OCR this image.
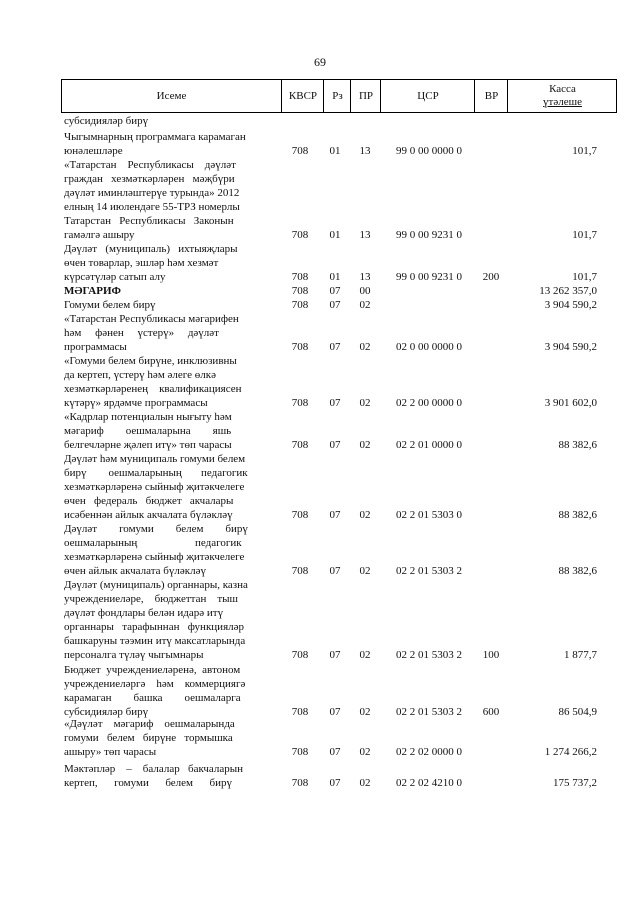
69
Исеме	КВСР	Рз	ПР	ЦСР	ВР
Касса
үтәлеше
субсидияләр бирү
Чыгымнарның программага карамаган
юнәлешләре	708	01	13	99 0 00 0000 0	101,7
«Татарстан    Республикасы    дәүләт
граждан   хезмәткәрләрен   мәҗбүри
дәүләт иминләштерүе турында» 2012
елның 14 июлендәге 55-ТРЗ номерлы
Татарстан   Республикасы   Законын
гамәлгә ашыру	708	01	13	99 0 00 9231 0	101,7
Дәүләт   (муниципаль)   ихтыяҗлары
өчен товарлар, эшләр һәм хезмәт
күрсәтүләр сатып алу	708	01	13	99 0 00 9231 0	200	101,7
МӘГАРИФ	708	07	00	13 262 357,0
Гомуми белем бирү	708	07	02	3 904 590,2
«Татарстан Республикасы мәгарифен
һәм     фәнен     үстерү»     дәүләт
программасы	708	07	02	02 0 00 0000 0	3 904 590,2
«Гомуми белем бирүне, инклюзивны
да кертеп, үстерү һәм әлеге өлкә
хезмәткәрләренең    квалификациясен
күтәрү» ярдәмче программасы	708	07	02	02 2 00 0000 0	3 901 602,0
«Кадрлар потенциалын нығыту һәм
мәгариф        оешмаларына        яшь
белгечләрне җәлеп итү» төп чарасы	708	07	02	02 2 01 0000 0	88 382,6
Дәүләт һәм муниципаль гомуми белем
бирү        оешмаларының       педагогик
хезмәткәрләренә сыйныф җитәкчелеге
өчен   федераль   бюджет   акчалары
исәбеннән айлык акчалата бүләкләү	708	07	02	02 2 01 5303 0	88 382,6
Дәүләт        гомуми        белем        бирү
оешмаларының                     педагогик
хезмәткәрләренә сыйныф җитәкчелеге
өчен айлык акчалата бүләкләү	708	07	02	02 2 01 5303 2	88 382,6
Дәүләт (муниципаль) органнары, казна
учреждениеләре,    бюджеттан    тыш
дәүләт фондлары белән идарә итү
органнары   тарафыннан   функцияләр
башкаруны тәэмин итү максатларында
персоналга түләү чыгымнары	708	07	02	02 2 01 5303 2	100	1 877,7
Бюджет  учреждениеләренә,  автоном
учреждениеләргә    һәм    коммерциягә
карамаган        башка        оешмаларга
субсидияләр бирү	708	07	02	02 2 01 5303 2	600	86 504,9
«Дәүләт    мәгариф    оешмаларында
гомуми   белем   бирүне   тормышка
ашыру» төп чарасы	708	07	02	02 2 02 0000 0	1 274 266,2
Мәктәпләр    –    балалар   бакчаларын
кертеп,      гомуми      белем      бирү	708	07	02	02 2 02 4210 0	175 737,2
